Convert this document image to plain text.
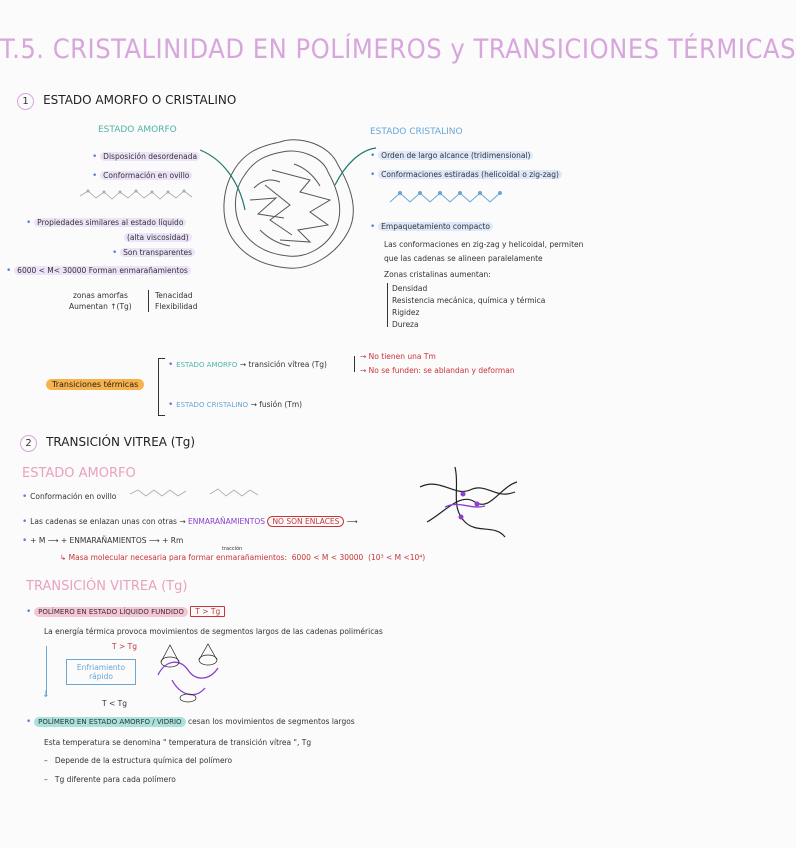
T.5. CRISTALINIDAD EN POLÍMEROS y TRANSICIONES TÉRMICAS
1 ESTADO AMORFO O CRISTALINO
ESTADO AMORFO
• Disposición desordenada
• Conformación en ovillo
• Propiedades similares al estado líquido
(alta viscosidad)
• Son transparentes
• 6000 < M< 30000 Forman enmarañamientos
zonas amorfas
Aumentan ↑(Tg)
Tenacidad
Flexibilidad
ESTADO CRISTALINO
• Orden de largo alcance (tridimensional)
• Conformaciones estiradas (helicoidal o zig-zag)
• Empaquetamiento compacto
Las conformaciones en zig-zag y helicoidal, permiten
que las cadenas se alineen paralelamente
Zonas cristalinas aumentan:
Densidad
Resistencia mecánica, química y térmica
Rigidez
Dureza
Transiciones térmicas
• ESTADO AMORFO → transición vítrea (Tg)
→ No tienen una Tm
→ No se funden: se ablandan y deforman
• ESTADO CRISTALINO → fusión (Tm)
2 TRANSICIÓN VITREA (Tg)
ESTADO AMORFO
• Conformación en ovillo
• Las cadenas se enlazan unas con otras → ENMARAÑAMIENTOS NO SON ENLACES ⟶
• + M ⟶ + ENMARAÑAMIENTOS ⟶ + Rm
tracción
↳ Masa molecular necesaria para formar enmarañamientos: 6000 < M < 30000 (10³ < M <10⁴)
TRANSICIÓN VITREA (Tg)
• POLÍMERO EN ESTADO LÍQUIDO FUNDIDO T > Tg
La energía térmica provoca movimientos de segmentos largos de las cadenas poliméricas
T > Tg
↓
Enfriamiento rápido
T < Tg
• POLÍMERO EN ESTADO AMORFO / VIDRIO cesan los movimientos de segmentos largos
Esta temperatura se denomina " temperatura de transición vítrea ", Tg
–   Depende de la estructura química del polímero
–   Tg diferente para cada polímero
